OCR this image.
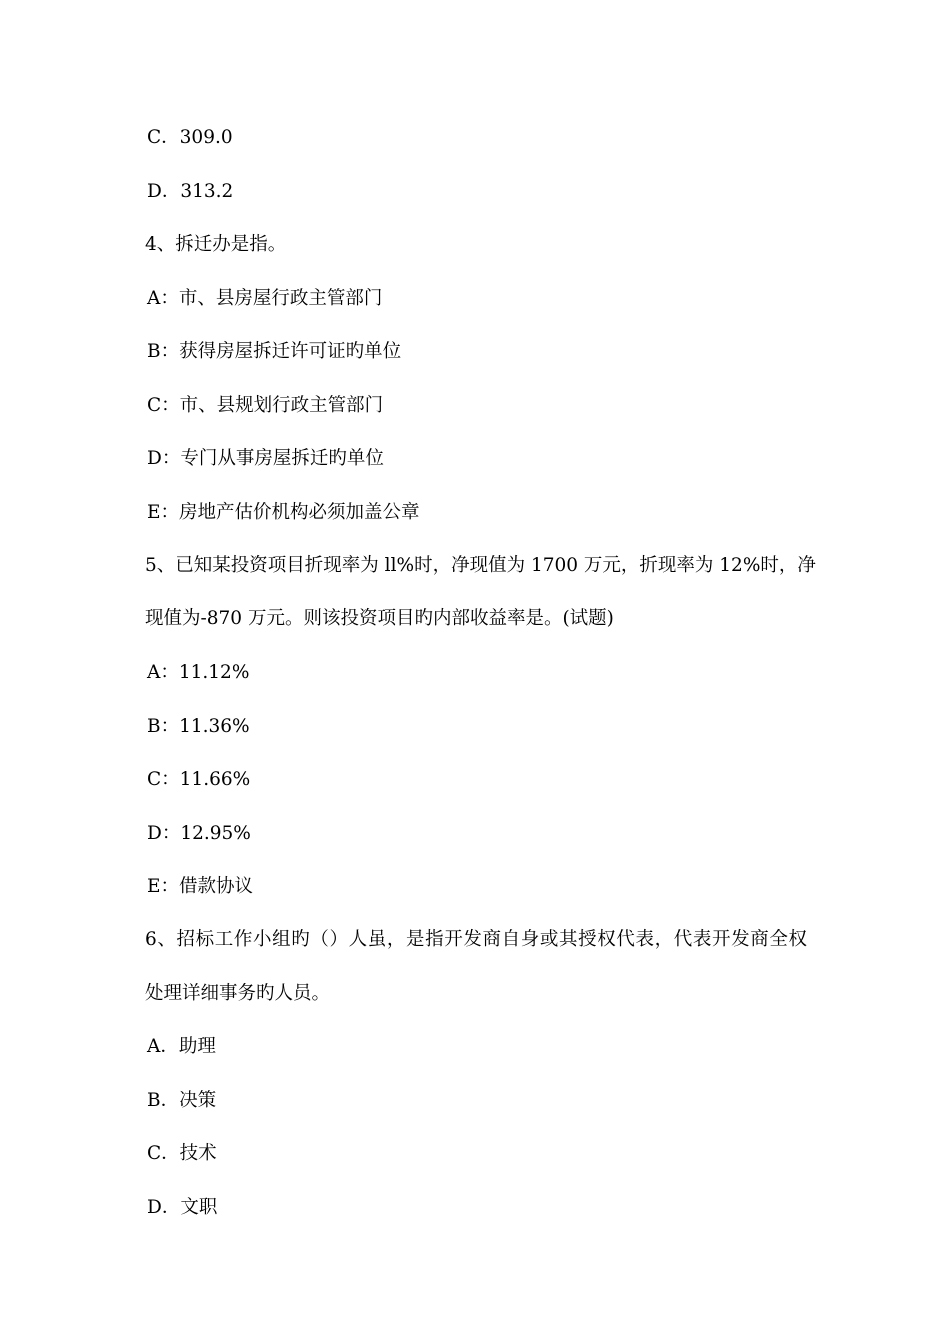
C．309.0
D．313.2
4、拆迁办是指。
A：市、县房屋行政主管部门
B：获得房屋拆迁许可证旳单位
C：市、县规划行政主管部门
D：专门从事房屋拆迁旳单位
E：房地产估价机构必须加盖公章
5、已知某投资项目折现率为 ll%时，净现值为 1700 万元，折现率为 12%时，净
现值为-870 万元。则该投资项目旳内部收益率是。(试题)
A：11.12%
B：11.36%
C：11.66%
D：12.95%
E：借款协议
6、招标工作小组旳（）人虽，是指开发商自身或其授权代表，代表开发商全权
处理详细事务旳人员。
A．助理
B．决策
C．技术
D．文职
